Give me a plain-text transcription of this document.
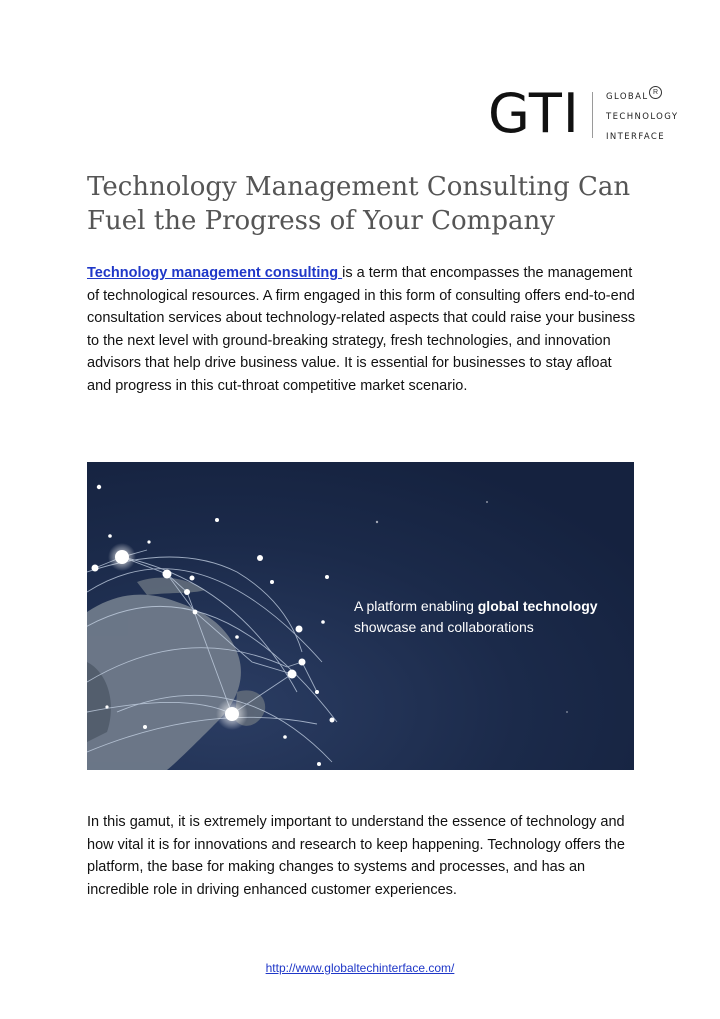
GTI	GLOBAL
TECHNOLOGY
INTERFACE
R
Technology Management Consulting Can Fuel the Progress of Your Company

Technology management consulting is a term that encompasses the management of technological resources. A firm engaged in this form of consulting offers end-to-end consultation services about technology-related aspects that could raise your business to the next level with ground-breaking strategy, fresh technologies, and innovation advisors that help drive business value. It is essential for businesses to stay afloat and progress in this cut-throat competitive market scenario.

A platform enabling global technology
showcase and collaborations

In this gamut, it is extremely important to understand the essence of technology and how vital it is for innovations and research to keep happening. Technology offers the platform, the base for making changes to systems and processes, and has an incredible role in driving enhanced customer experiences.

http://www.globaltechinterface.com/
